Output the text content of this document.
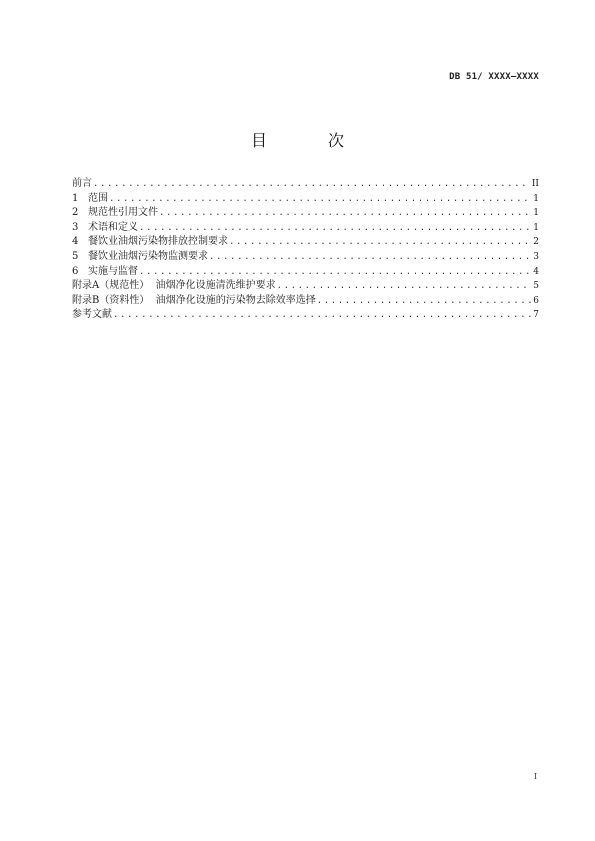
DB 51/ XXXX—XXXX
目 次
前言 .....	II
1 范围 .....	1
2 规范性引用文件 .....	1
3 术语和定义 .....	1
4 餐饮业油烟污染物排放控制要求 .....	2
5 餐饮业油烟污染物监测要求 .....	3
6 实施与监督 .....	4
附录A（规范性）  油烟净化设施清洗维护要求 .....	5
附录B（资料性）  油烟净化设施的污染物去除效率选择 .....	6
参考文献 .....	7
I
